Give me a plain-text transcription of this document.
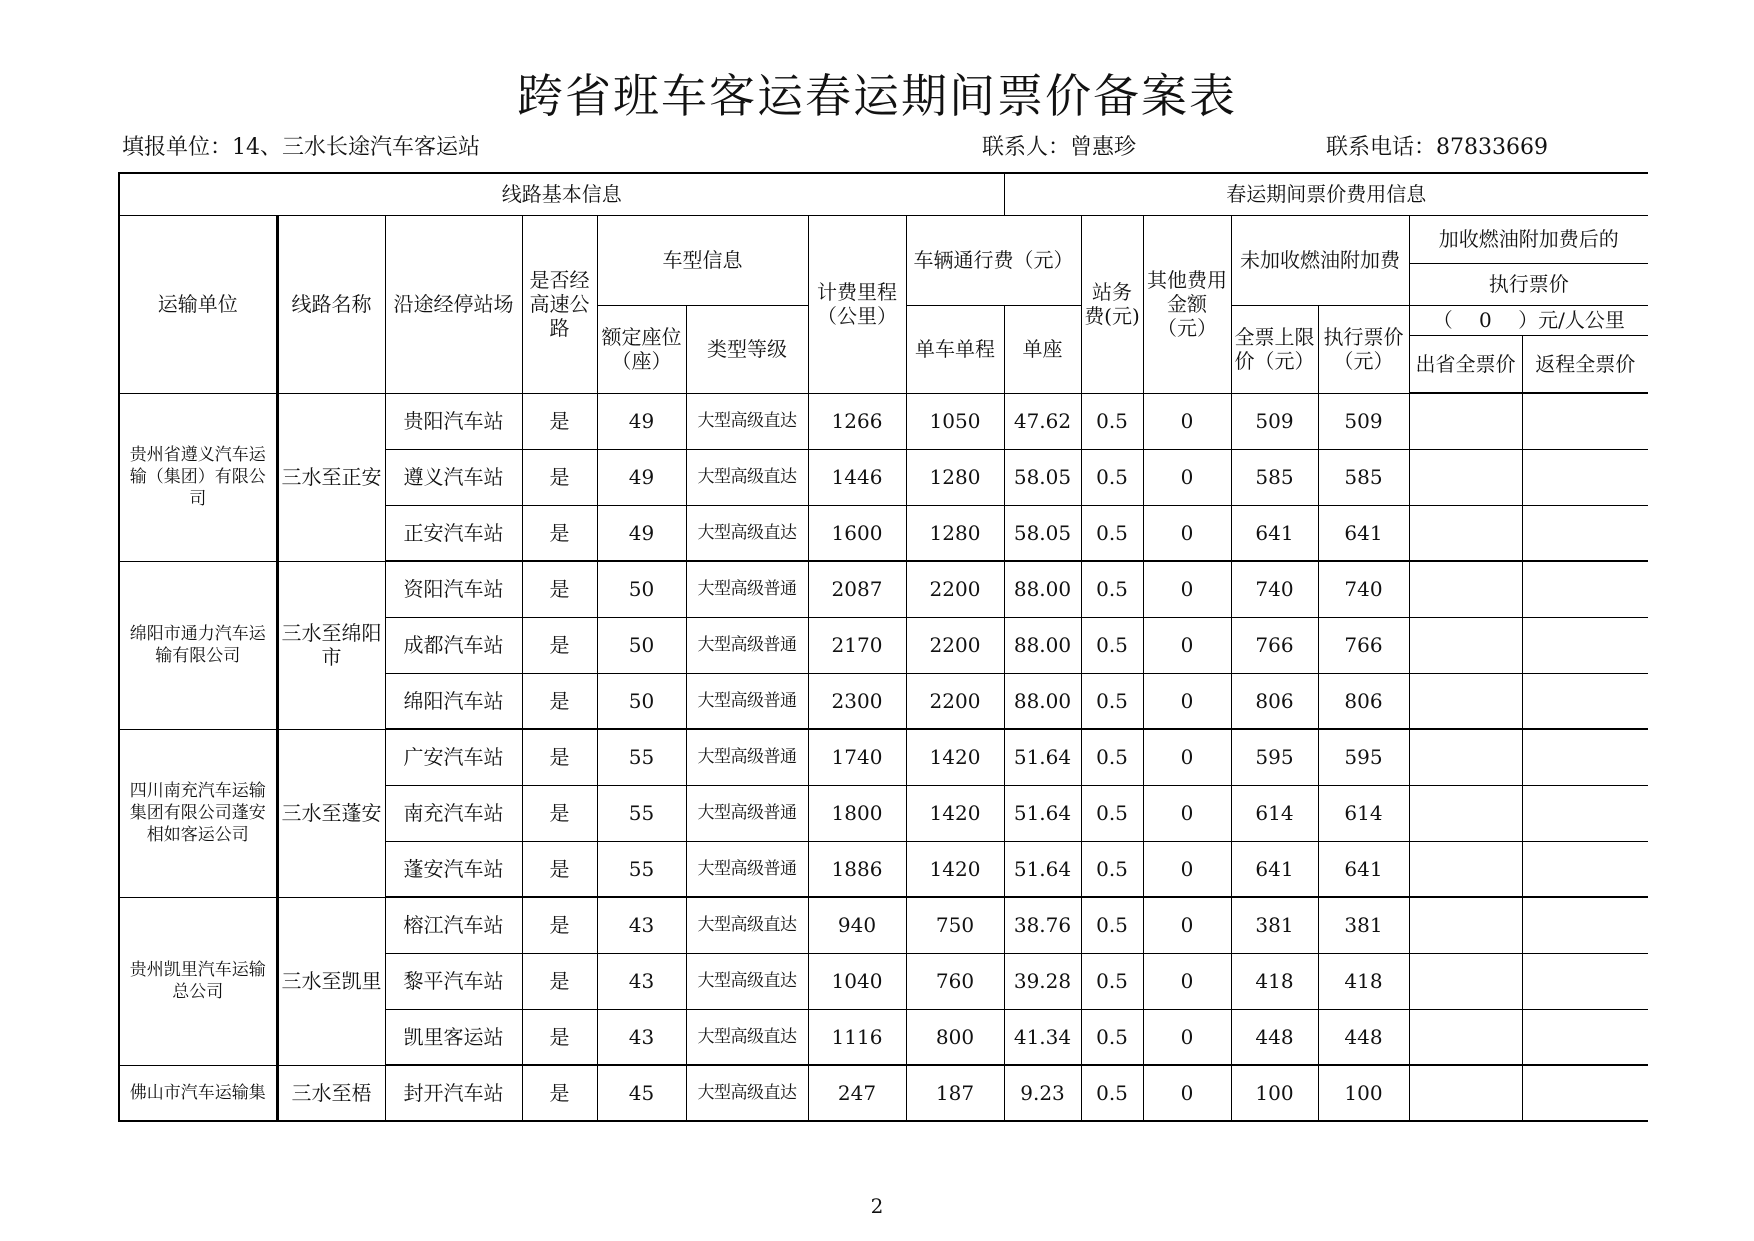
跨省班车客运春运期间票价备案表
填报单位：14、三水长途汽车客运站	联系人：曾惠珍	联系电话：87833669
线路基本信息								春运期间票价费用信息						
运输单位	线路名称	沿途经停站场	是否经高速公路	车型信息		计费里程（公里）	车辆通行费（元）		站务费(元)	其他费用金额（元）	未加收燃油附加费		加收燃油附加费后的	
													执行票价	
				额定座位（座）	类型等级		单车单程	单座			全票上限价（元）	执行票价（元）	（　 0　 ）元/人公里	
													出省全票价	返程全票价
贵州省遵义汽车运输（集团）有限公司	三水至正安	贵阳汽车站	是	49	大型高级直达	1266	1050	47.62	0.5	0	509	509		
		遵义汽车站	是	49	大型高级直达	1446	1280	58.05	0.5	0	585	585		
		正安汽车站	是	49	大型高级直达	1600	1280	58.05	0.5	0	641	641		
绵阳市通力汽车运输有限公司	三水至绵阳市	资阳汽车站	是	50	大型高级普通	2087	2200	88.00	0.5	0	740	740		
		成都汽车站	是	50	大型高级普通	2170	2200	88.00	0.5	0	766	766		
		绵阳汽车站	是	50	大型高级普通	2300	2200	88.00	0.5	0	806	806		
四川南充汽车运输集团有限公司蓬安相如客运公司	三水至蓬安	广安汽车站	是	55	大型高级普通	1740	1420	51.64	0.5	0	595	595		
		南充汽车站	是	55	大型高级普通	1800	1420	51.64	0.5	0	614	614		
		蓬安汽车站	是	55	大型高级普通	1886	1420	51.64	0.5	0	641	641		
贵州凯里汽车运输总公司	三水至凯里	榕江汽车站	是	43	大型高级直达	940	750	38.76	0.5	0	381	381		
		黎平汽车站	是	43	大型高级直达	1040	760	39.28	0.5	0	418	418		
		凯里客运站	是	43	大型高级直达	1116	800	41.34	0.5	0	448	448		
佛山市汽车运输集	三水至梧	封开汽车站	是	45	大型高级直达	247	187	9.23	0.5	0	100	100		
2
